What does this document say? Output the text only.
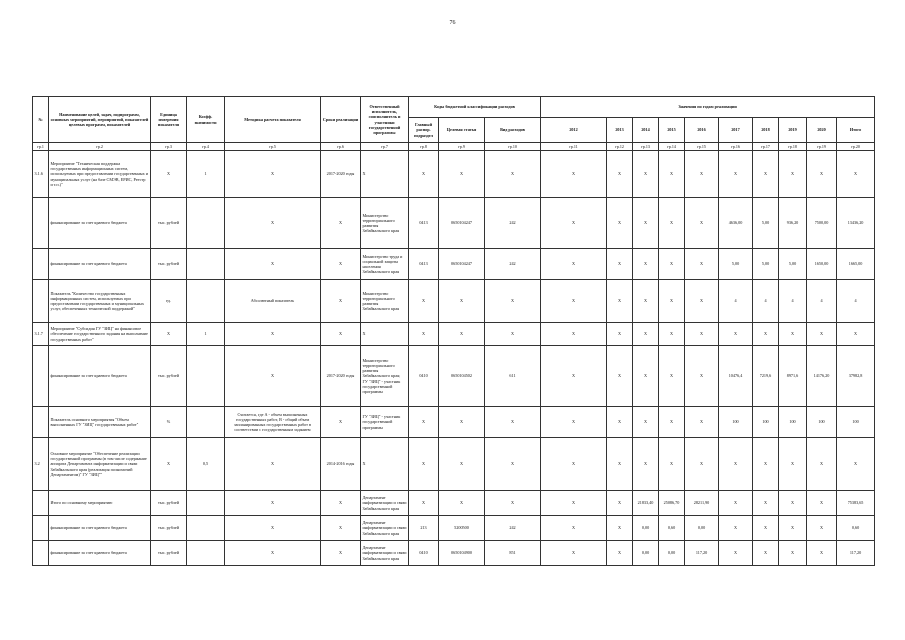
76
№	Наименование целей, задач, подпрограмм, основных мероприятий, мероприятий, показателей целевых программ, показателей	Единица измерения показателя	Коэфф. значимости	Методика расчета показателя	Сроки реализации	Ответственный исполнитель, соисполнитель и участники государственной программы	Коды бюджетной классификации расходов			Значения по годам реализации									
							Главный распор. подраздел	Целевая статья	Вид расходов	2012	2013	2014	2015	2016	2017	2018	2019	2020	Итого
гр.1	гр.2	гр.3	гр.4	гр.5	гр.6	гр.7	гр.8	гр.9	гр.10	гр.11	гр.12	гр.13	гр.14	гр.15	гр.16	гр.17	гр.18	гр.19	гр.20
3.1.6	Мероприятие "Техническая поддержка государственных информационных систем, используемых при предоставлении государственных и муниципальных услуг (на базе СМЭВ, ЕРИС, Реестр и т.п.)"	Х	1	Х	2017-2020 годы	Х	Х	Х	Х	Х	Х	Х	Х	Х	Х	Х	Х	Х	Х
	финансирование за счет краевого бюджета	тыс. рублей		Х	Х	Министерство территориального развития Забайкальского края	0413	0650104247	242	Х	Х	Х	Х	Х	4636,00	5,00	936,20	7500,00	13436,20
	финансирование за счет краевого бюджета	тыс. рублей		Х	Х	Министерство труда и социальной защиты населения Забайкальского края	0413	0650104247	242	Х	Х	Х	Х	Х	5,00	5,00	5,00	1650,00	1665,00
	Показатель "Количество государственных информационных систем, используемых при предоставлении государственных и муниципальных услуг, обеспеченных технической поддержкой"	ед.		Абсолютный показатель	Х	Министерство территориального развития Забайкальского края	Х	Х	Х	Х	Х	Х	Х	Х	4	4	4	4	4
3.1.7	Мероприятие "Субсидия ГУ "ЗИЦ" на финансовое обеспечение государственного задания на выполнение государственных работ"	Х	1	Х	Х	Х	Х	Х	Х	Х	Х	Х	Х	Х	Х	Х	Х	Х	Х
	финансирование за счет краевого бюджета	тыс. рублей		Х	2017-2020 годы	Министерство территориального развития Забайкальского края; ГУ "ЗИЦ" - участник государственной программы	0410	0650104502	611	Х	Х	Х	Х	Х	10476,4	7219,6	8971,6	14176,20	37982,8
	Показатель основного мероприятия "Объем выполненных ГУ "ЗИЦ" государственных работ"	%		Считается, где А - объем выполненных государственных работ, В - общий объем запланированных государственных работ в соответствии с государственным заданием	Х	ГУ "ЗИЦ" - участник государственной программы	Х	Х	Х	Х	Х	Х	Х	Х	100	100	100	100	100
3.2	Основное мероприятие "Обеспечение реализации государственной программы (в том числе содержание аппарата Департамента информатизации и связи Забайкальского края (реализация полномочий Департаментом)" ГУ "ЗИЦ""	Х	0,5	Х	2014-2016 годы	Х	Х	Х	Х	Х	Х	Х	Х	Х	Х	Х	Х	Х	Х
	Итого по основному мероприятию	тыс. рублей		Х	Х	Департамент информатизации и связи Забайкальского края	Х	Х	Х	Х	Х	21833,40	25086,70	28211,90	Х	Х	Х	Х	75383,65
	финансирование за счет краевого бюджета	тыс. рублей		Х	Х	Департамент информатизации и связи Забайкальского края	213	5200500	242	Х	Х	0,00	0,60	0,00	Х	Х	Х	Х	0,60
	финансирование за счет краевого бюджета	тыс. рублей		Х	Х	Департамент информатизации и связи Забайкальского края	0410	0650104900	851	Х	Х	0,00	0,00	117,20	Х	Х	Х	Х	117,20
